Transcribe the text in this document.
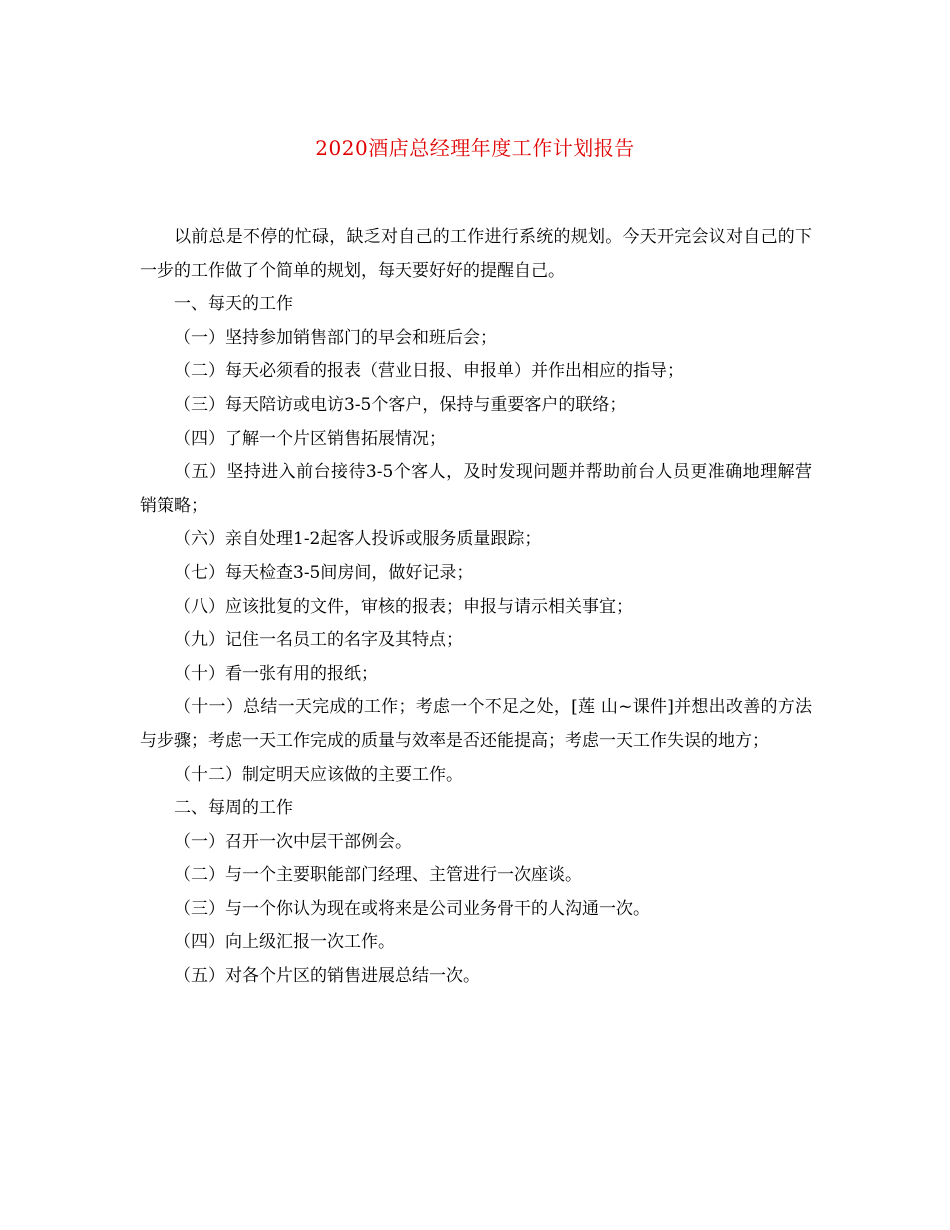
2020酒店总经理年度工作计划报告

以前总是不停的忙碌，缺乏对自己的工作进行系统的规划。今天开完会议对自己的下一步的工作做了个简单的规划，每天要好好的提醒自己。

一、每天的工作

（一）坚持参加销售部门的早会和班后会；

（二）每天必须看的报表（营业日报、申报单）并作出相应的指导；

（三）每天陪访或电访3-5个客户，保持与重要客户的联络；

（四）了解一个片区销售拓展情况；

（五）坚持进入前台接待3-5个客人，及时发现问题并帮助前台人员更准确地理解营销策略；

（六）亲自处理1-2起客人投诉或服务质量跟踪；

（七）每天检查3-5间房间，做好记录；

（八）应该批复的文件，审核的报表；申报与请示相关事宜；

（九）记住一名员工的名字及其特点；

（十）看一张有用的报纸；

（十一）总结一天完成的工作；考虑一个不足之处，[莲 山~课件]并想出改善的方法与步骤；考虑一天工作完成的质量与效率是否还能提高；考虑一天工作失误的地方；

（十二）制定明天应该做的主要工作。

二、每周的工作

（一）召开一次中层干部例会。

（二）与一个主要职能部门经理、主管进行一次座谈。

（三）与一个你认为现在或将来是公司业务骨干的人沟通一次。

（四）向上级汇报一次工作。

（五）对各个片区的销售进展总结一次。
